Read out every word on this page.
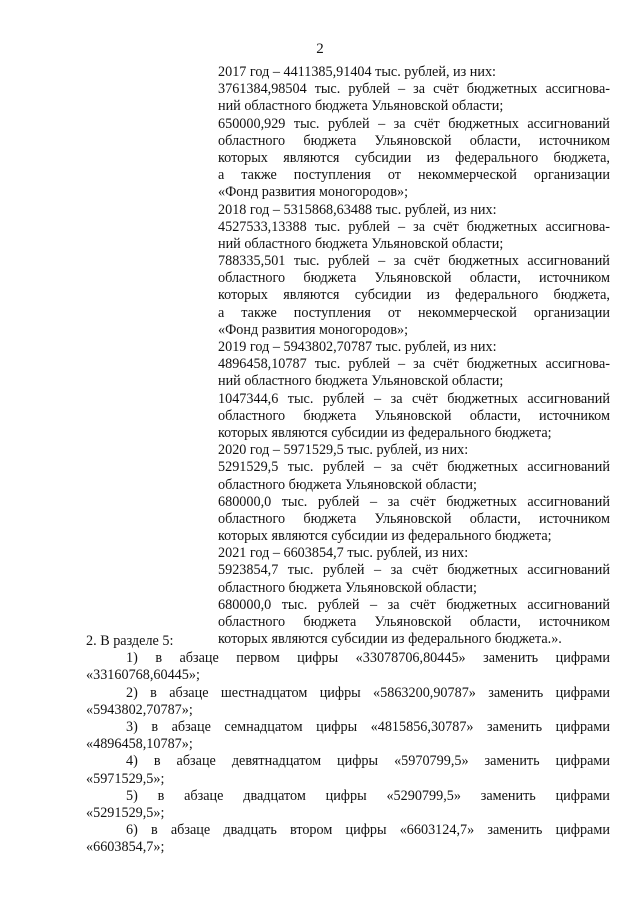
2
2017 год – 4411385,91404 тыс. рублей, из них:
3761384,98504 тыс. рублей – за счёт бюджетных ассигнова-
ний областного бюджета Ульяновской области;
650000,929 тыс. рублей – за счёт бюджетных ассигнований
областного бюджета Ульяновской области, источником
которых являются субсидии из федерального бюджета,
а также поступления от некоммерческой организации
«Фонд развития моногородов»;
2018 год – 5315868,63488 тыс. рублей, из них:
4527533,13388 тыс. рублей – за счёт бюджетных ассигнова-
ний областного бюджета Ульяновской области;
788335,501 тыс. рублей – за счёт бюджетных ассигнований
областного бюджета Ульяновской области, источником
которых являются субсидии из федерального бюджета,
а также поступления от некоммерческой организации
«Фонд развития моногородов»;
2019 год – 5943802,70787 тыс. рублей, из них:
4896458,10787 тыс. рублей – за счёт бюджетных ассигнова-
ний областного бюджета Ульяновской области;
1047344,6 тыс. рублей – за счёт бюджетных ассигнований
областного бюджета Ульяновской области, источником
которых являются субсидии из федерального бюджета;
2020 год – 5971529,5 тыс. рублей, из них:
5291529,5 тыс. рублей – за счёт бюджетных ассигнований
областного бюджета Ульяновской области;
680000,0 тыс. рублей – за счёт бюджетных ассигнований
областного бюджета Ульяновской области, источником
которых являются субсидии из федерального бюджета;
2021 год – 6603854,7 тыс. рублей, из них:
5923854,7 тыс. рублей – за счёт бюджетных ассигнований
областного бюджета Ульяновской области;
680000,0 тыс. рублей – за счёт бюджетных ассигнований
областного бюджета Ульяновской области, источником
которых являются субсидии из федерального бюджета.».
2. В разделе 5:
1) в абзаце первом цифры «33078706,80445» заменить цифрами
«33160768,60445»;
2) в абзаце шестнадцатом цифры «5863200,90787» заменить цифрами
«5943802,70787»;
3) в абзаце семнадцатом цифры «4815856,30787» заменить цифрами
«4896458,10787»;
4) в абзаце девятнадцатом цифры «5970799,5» заменить цифрами
«5971529,5»;
5) в абзаце двадцатом цифры «5290799,5» заменить цифрами
«5291529,5»;
6) в абзаце двадцать втором цифры «6603124,7» заменить цифрами
«6603854,7»;
